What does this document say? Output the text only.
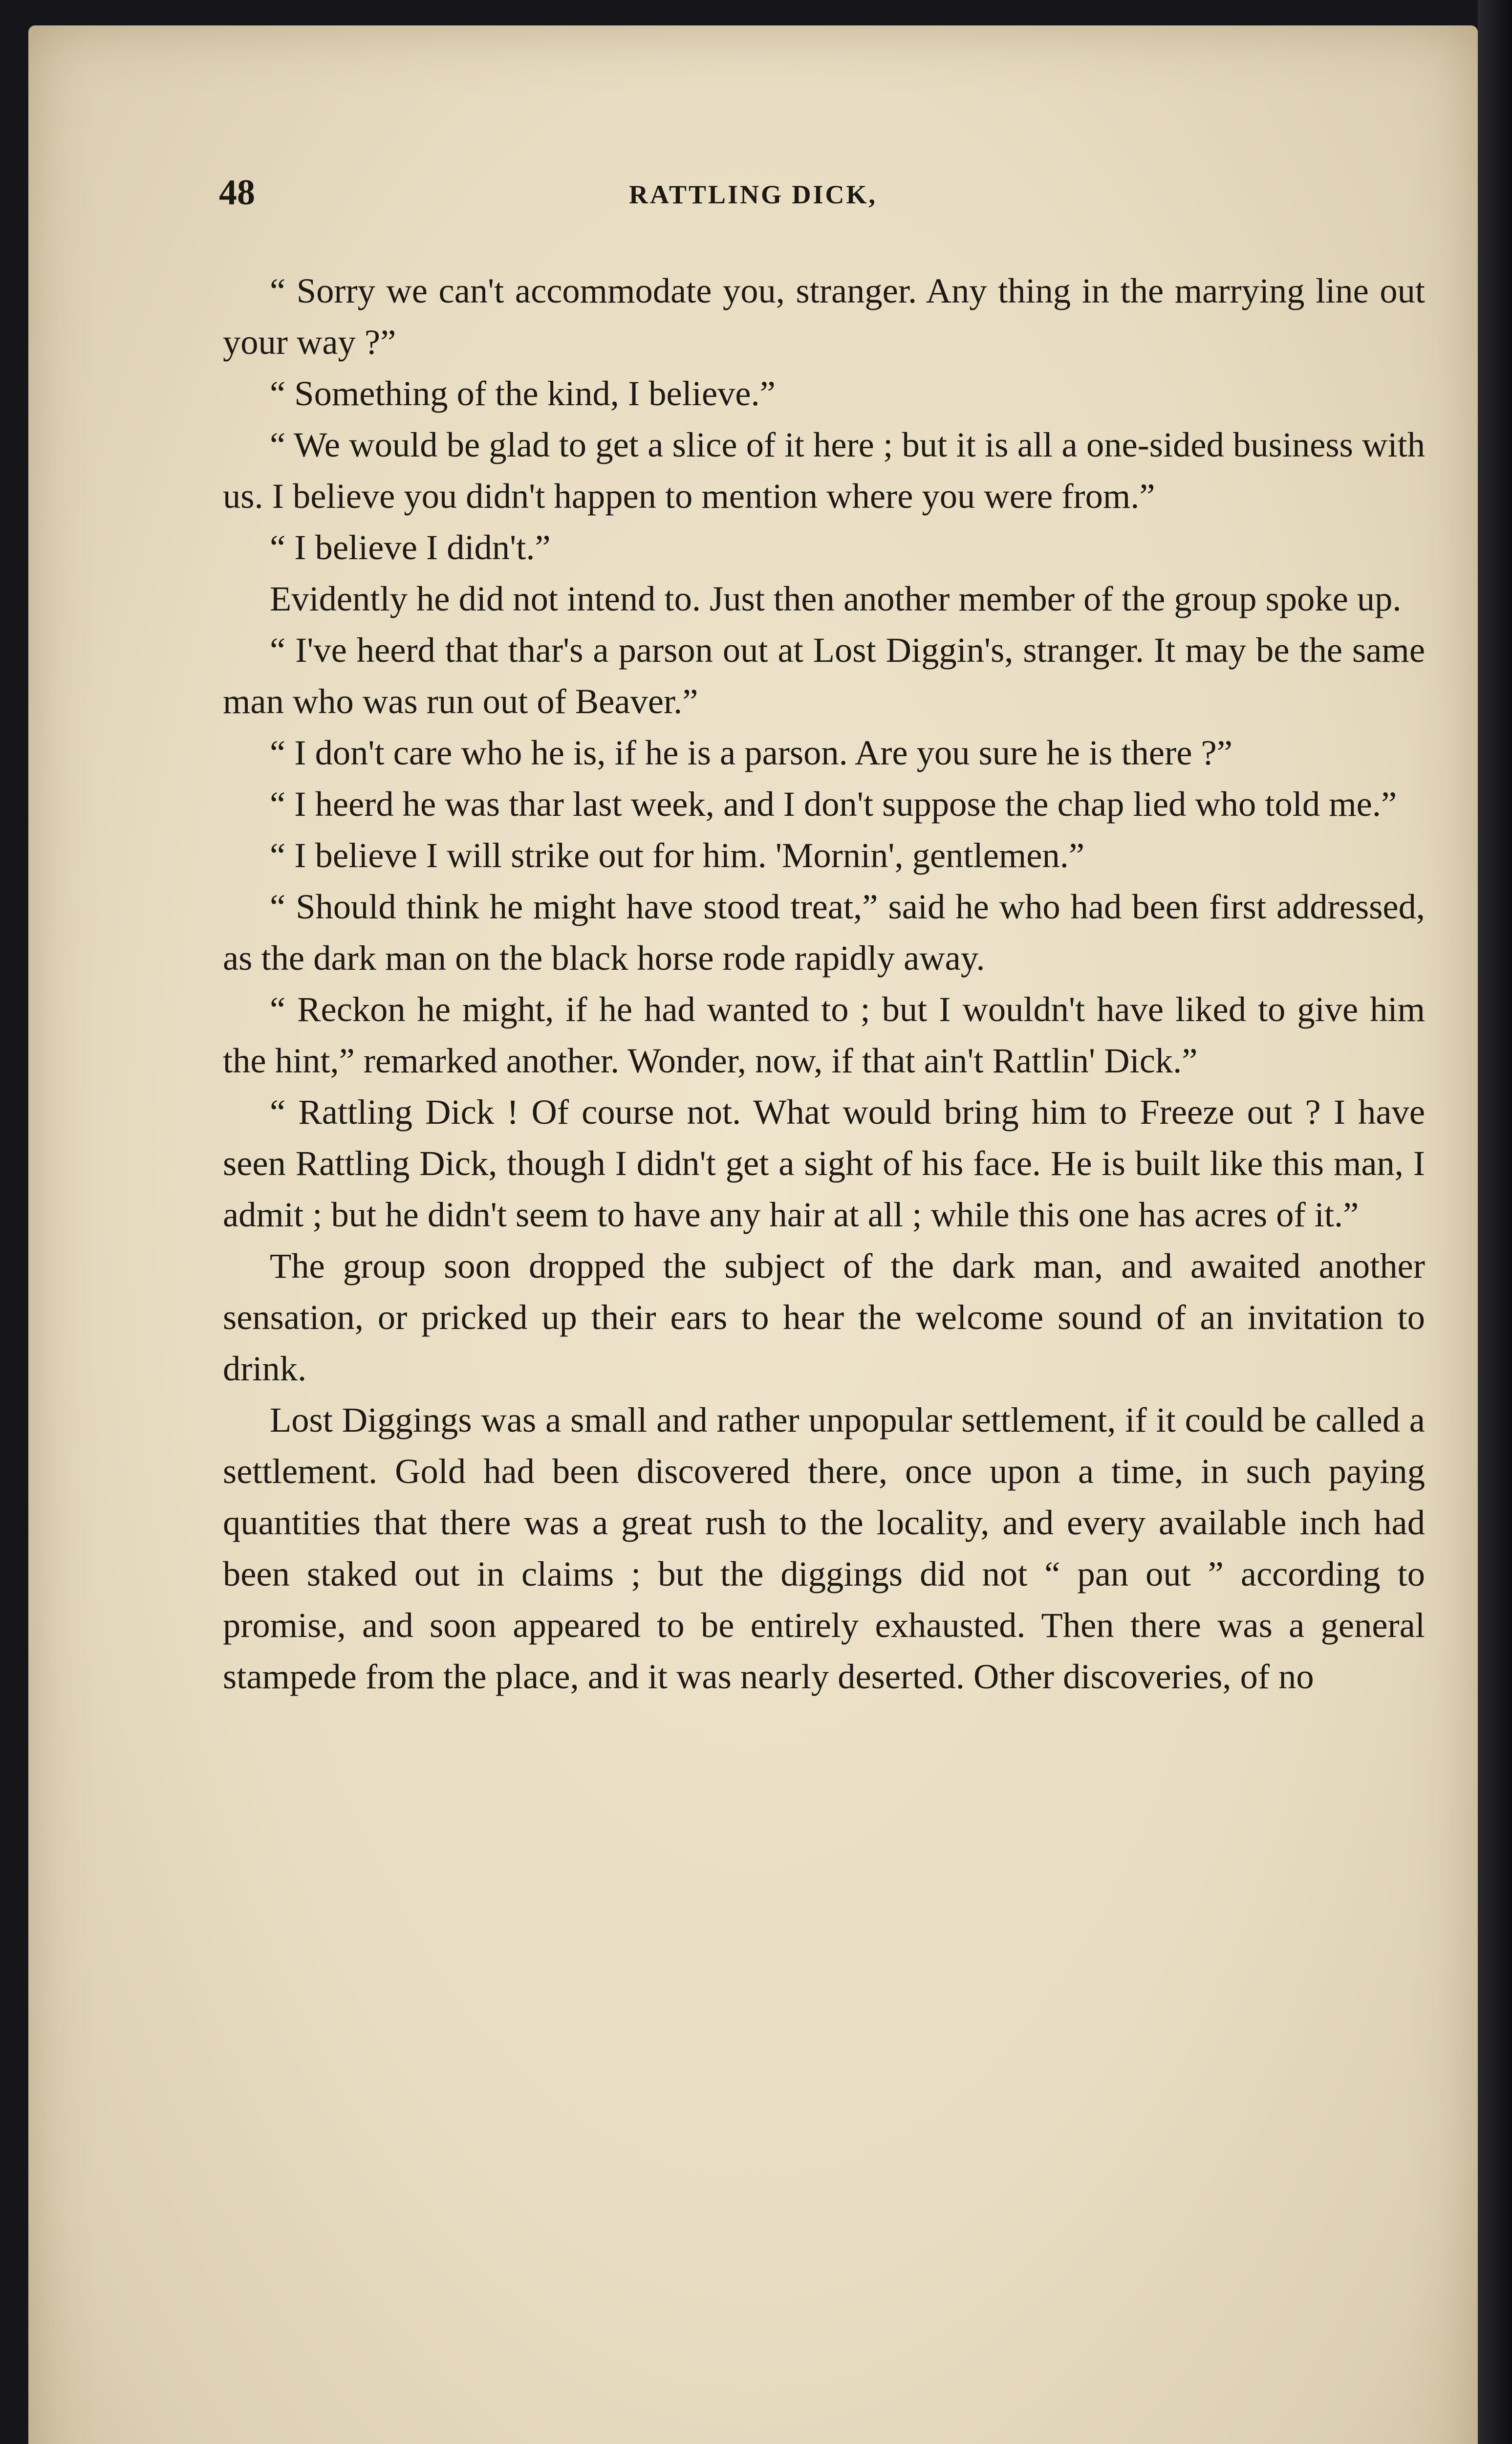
48	RATTLING DICK,

“ Sorry we can't accommodate you, stranger. Any thing in the marrying line out your way ?”

“ Something of the kind, I believe.”

“ We would be glad to get a slice of it here ; but it is all a one-sided business with us. I believe you didn't happen to mention where you were from.”

“ I believe I didn't.”

Evidently he did not intend to. Just then another member of the group spoke up.

“ I've heerd that thar's a parson out at Lost Diggin's, stranger. It may be the same man who was run out of Beaver.”

“ I don't care who he is, if he is a parson. Are you sure he is there ?”

“ I heerd he was thar last week, and I don't suppose the chap lied who told me.”

“ I believe I will strike out for him. 'Mornin', gentlemen.”

“ Should think he might have stood treat,” said he who had been first addressed, as the dark man on the black horse rode rapidly away.

“ Reckon he might, if he had wanted to ; but I wouldn't have liked to give him the hint,” remarked another. Wonder, now, if that ain't Rattlin' Dick.”

“ Rattling Dick ! Of course not. What would bring him to Freeze out ? I have seen Rattling Dick, though I didn't get a sight of his face. He is built like this man, I admit ; but he didn't seem to have any hair at all ; while this one has acres of it.”

The group soon dropped the subject of the dark man, and awaited another sensation, or pricked up their ears to hear the welcome sound of an invitation to drink.

Lost Diggings was a small and rather unpopular settlement, if it could be called a settlement. Gold had been discovered there, once upon a time, in such paying quantities that there was a great rush to the locality, and every available inch had been staked out in claims ; but the diggings did not “ pan out ” according to promise, and soon appeared to be entirely exhausted. Then there was a general stampede from the place, and it was nearly deserted. Other discoveries, of no
